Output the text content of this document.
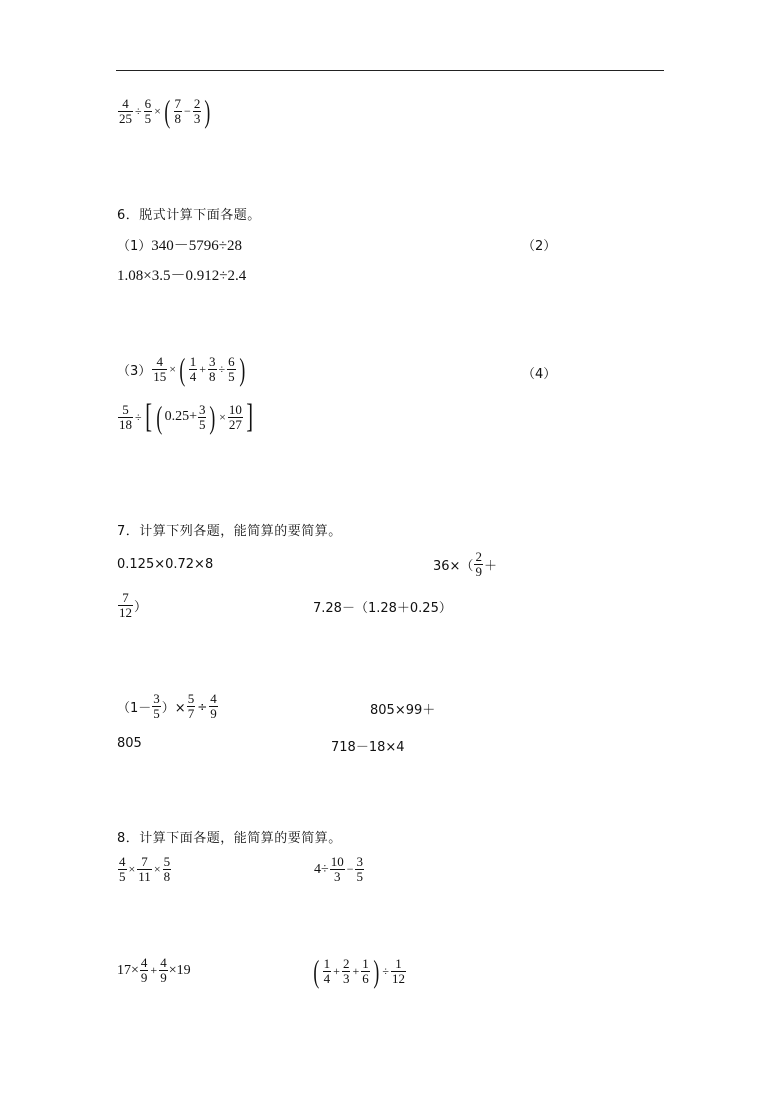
$\frac{4}{25} \div \frac{6}{5}$ × ( $\frac{7}{8} - \frac{2}{3}$ )
6．脱式计算下面各题。
（1）340－5796÷28	（2）
1.08×3.5－0.912÷2.4
$(3) \frac{4}{15}$ × ( $\frac{1}{4} + \frac{3}{8} \div \frac{6}{5}$ )	（4）
$\frac{5}{18}$ ÷ [ ( $0.25+ \frac{3}{5}$ ) × $\frac{10}{27}$ ]
7．计算下列各题，能简算的要简算。
0.125×0.72×8	$36\times( \frac{2}{9}$ ＋
$\frac{7}{12}$ ）	7.28－（1.28＋0.25）
（$1- \frac{3}{5}$ ）× $\frac{5}{7} \div \frac{4}{9}$	805×99＋
805	718－18×4
8．计算下面各题，能简算的要简算。
$\frac{4}{5} \times \frac{7}{11} \times \frac{5}{8}$	$4\div \frac{10}{3} - \frac{3}{5}$
$17\times \frac{4}{9} + \frac{4}{9} \times 19$	( $\frac{1}{4} + \frac{2}{3} + \frac{1}{6}$ ) ÷ $\frac{1}{12}$
